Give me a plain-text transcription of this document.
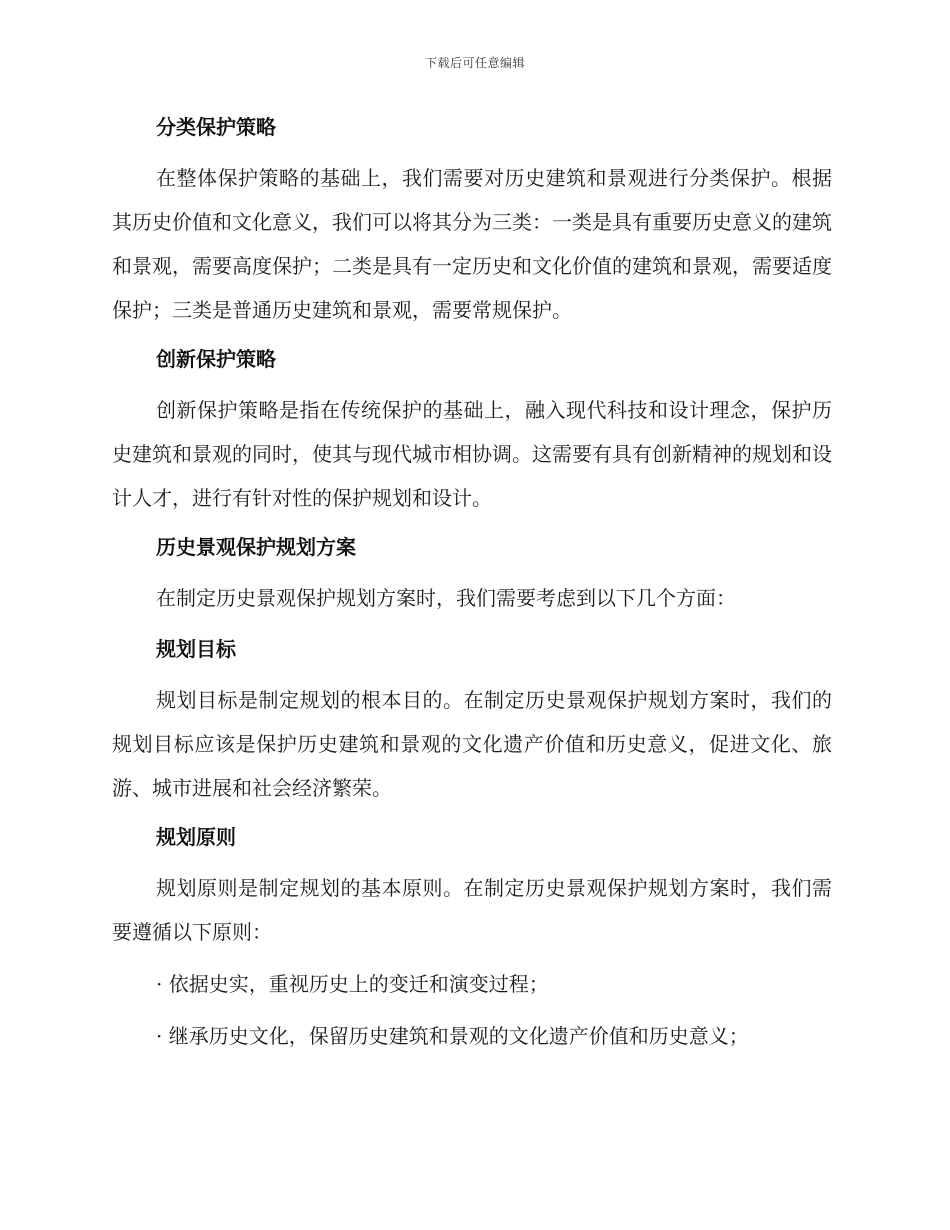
下载后可任意编辑
分类保护策略

在整体保护策略的基础上，我们需要对历史建筑和景观进行分类保护。根据其历史价值和文化意义，我们可以将其分为三类：一类是具有重要历史意义的建筑和景观，需要高度保护；二类是具有一定历史和文化价值的建筑和景观，需要适度保护；三类是普通历史建筑和景观，需要常规保护。

创新保护策略

创新保护策略是指在传统保护的基础上，融入现代科技和设计理念，保护历史建筑和景观的同时，使其与现代城市相协调。这需要有具有创新精神的规划和设计人才，进行有针对性的保护规划和设计。

历史景观保护规划方案

在制定历史景观保护规划方案时，我们需要考虑到以下几个方面：

规划目标

规划目标是制定规划的根本目的。在制定历史景观保护规划方案时，我们的规划目标应该是保护历史建筑和景观的文化遗产价值和历史意义，促进文化、旅游、城市进展和社会经济繁荣。

规划原则

规划原则是制定规划的基本原则。在制定历史景观保护规划方案时，我们需要遵循以下原则：

· 依据史实，重视历史上的变迁和演变过程；
· 继承历史文化，保留历史建筑和景观的文化遗产价值和历史意义；
